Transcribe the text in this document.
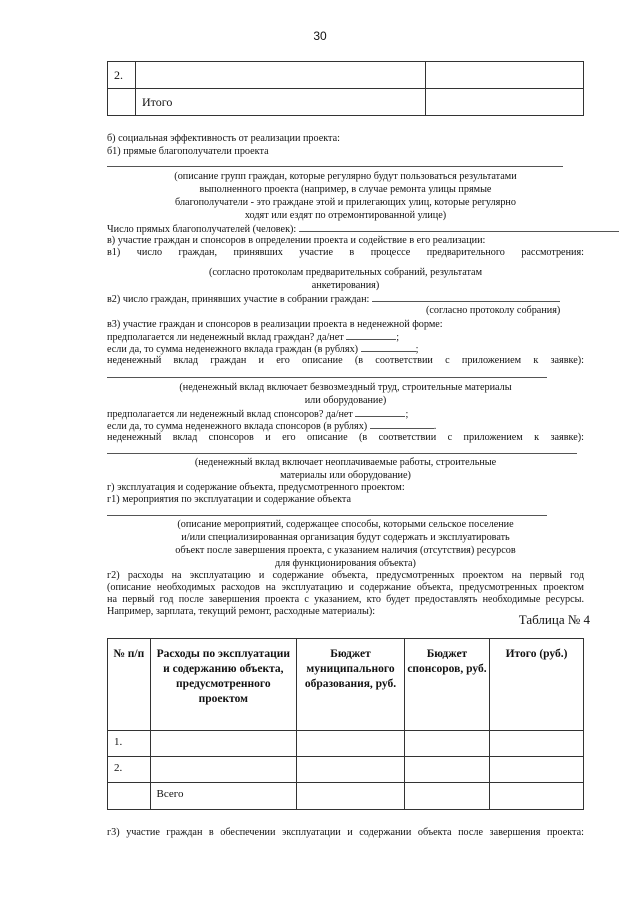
30
2.		
	Итого	
б) социальная эффективность от реализации проекта:
б1) прямые благополучатели проекта
(описание групп граждан, которые регулярно будут пользоваться результатами
выполненного проекта (например, в случае ремонта улицы прямые
благополучатели - это граждане этой и прилегающих улиц, которые регулярно
ходят или ездят по отремонтированной улице)
Число прямых благополучателей (человек):
в) участие граждан и спонсоров в определении проекта и содействие в его реализации:
в1) число граждан, принявших участие в процессе предварительного рассмотрения:
(согласно протоколам предварительных собраний, результатам
анкетирования)
в2) число граждан, принявших участие в собрании граждан:
(согласно протоколу собрания)
в3) участие граждан и спонсоров в реализации проекта в неденежной форме:
предполагается ли неденежный вклад граждан? да/нет	;
если да, то сумма неденежного вклада граждан (в рублях)	;
неденежный вклад граждан и его описание (в соответствии с приложением к заявке):
(неденежный вклад включает безвозмездный труд, строительные материалы
или оборудование)
предполагается ли неденежный вклад спонсоров? да/нет	;
если да, то сумма неденежного вклада спонсоров (в рублях)	.
неденежный вклад спонсоров и его описание (в соответствии с приложением к заявке):
(неденежный вклад включает неоплачиваемые работы, строительные
материалы или оборудование)
г) эксплуатация и содержание объекта, предусмотренного проектом:
г1) мероприятия по эксплуатации и содержание объекта
(описание мероприятий, содержащее способы, которыми сельское поселение
и/или специализированная организация будут содержать и эксплуатировать
объект после завершения проекта, с указанием наличия (отсутствия) ресурсов
для функционирования объекта)
г2) расходы на эксплуатацию и содержание объекта, предусмотренных проектом на первый год
(описание необходимых расходов на эксплуатацию и содержание объекта, предусмотренных проектом
на первый год после завершения проекта с указанием, кто будет предоставлять необходимые ресурсы.
Например, зарплата, текущий ремонт, расходные материалы):
Таблица № 4
№ п/п	Расходы по эксплуатации и содержанию объекта, предусмотренного проектом	Бюджет муниципального образования, руб.	Бюджет спонсоров, руб.	Итого (руб.)
1.				
2.				
	Всего			
г3) участие граждан в обеспечении эксплуатации и содержании объекта после завершения проекта:
